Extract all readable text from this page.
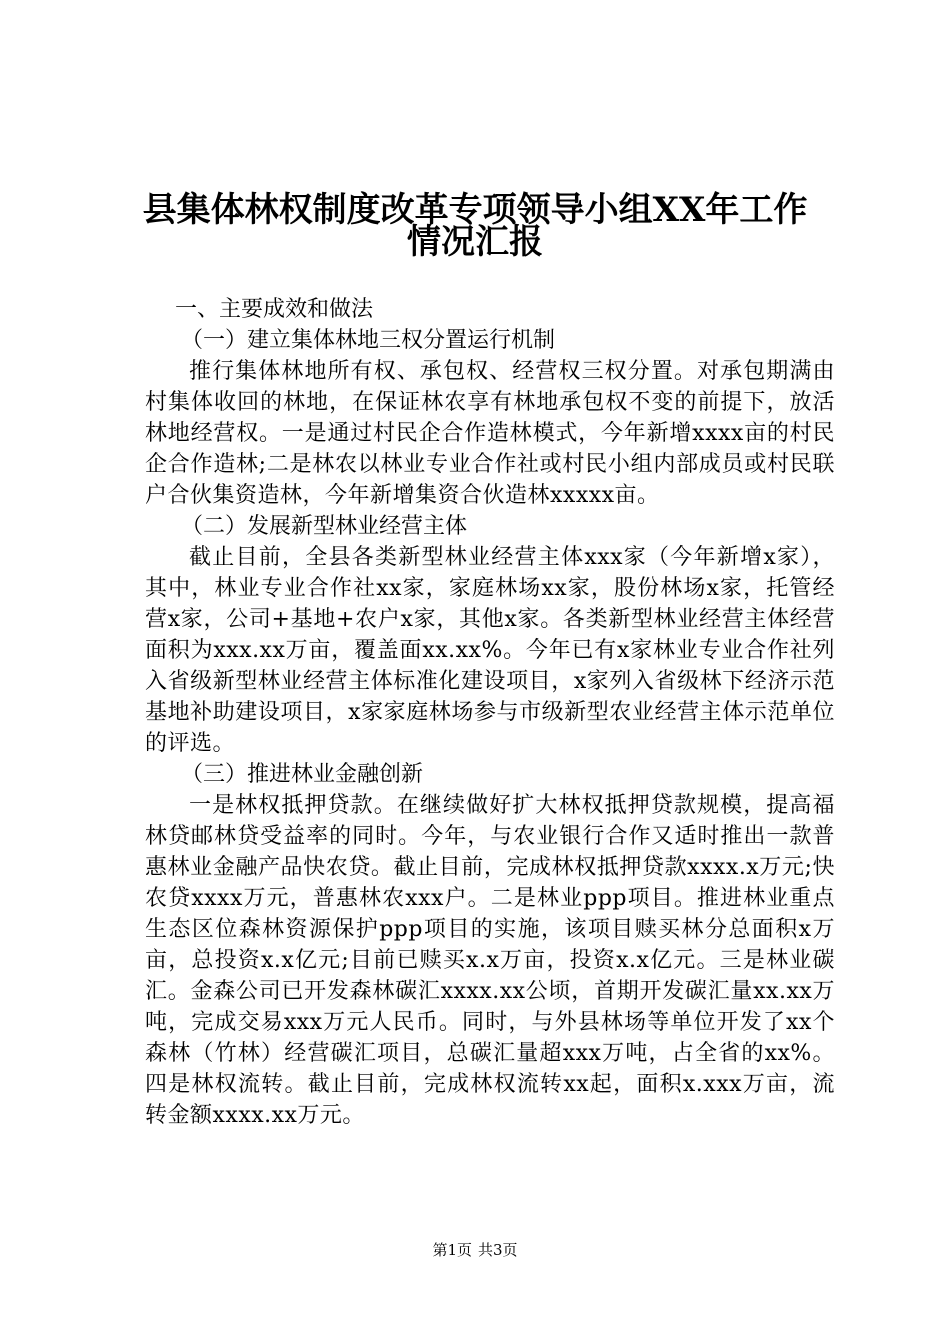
县集体林权制度改革专项领导小组XX年工作
情况汇报

一、主要成效和做法

（一）建立集体林地三权分置运行机制

推行集体林地所有权、承包权、经营权三权分置。对承包期满由村集体收回的林地，在保证林农享有林地承包权不变的前提下，放活林地经营权。一是通过村民企合作造林模式，今年新增xxxx亩的村民企合作造林;二是林农以林业专业合作社或村民小组内部成员或村民联户合伙集资造林，今年新增集资合伙造林xxxxx亩。

（二）发展新型林业经营主体

截止目前，全县各类新型林业经营主体xxx家（今年新增x家），其中，林业专业合作社xx家，家庭林场xx家，股份林场x家，托管经营x家，公司+基地+农户x家，其他x家。各类新型林业经营主体经营面积为xxx.xx万亩，覆盖面xx.xx%。今年已有x家林业专业合作社列入省级新型林业经营主体标准化建设项目，x家列入省级林下经济示范基地补助建设项目，x家家庭林场参与市级新型农业经营主体示范单位的评选。

（三）推进林业金融创新

一是林权抵押贷款。在继续做好扩大林权抵押贷款规模，提高福林贷邮林贷受益率的同时。今年，与农业银行合作又适时推出一款普惠林业金融产品快农贷。截止目前，完成林权抵押贷款xxxx.x万元;快农贷xxxx万元，普惠林农xxx户。二是林业ppp项目。推进林业重点生态区位森林资源保护ppp项目的实施，该项目赎买林分总面积x万亩，总投资x.x亿元;目前已赎买x.x万亩，投资x.x亿元。三是林业碳汇。金森公司已开发森林碳汇xxxx.xx公顷，首期开发碳汇量xx.xx万吨，完成交易xxx万元人民币。同时，与外县林场等单位开发了xx个森林（竹林）经营碳汇项目，总碳汇量超xxx万吨，占全省的xx%。四是林权流转。截止目前，完成林权流转xx起，面积x.xxx万亩，流转金额xxxx.xx万元。

第1页 共3页
